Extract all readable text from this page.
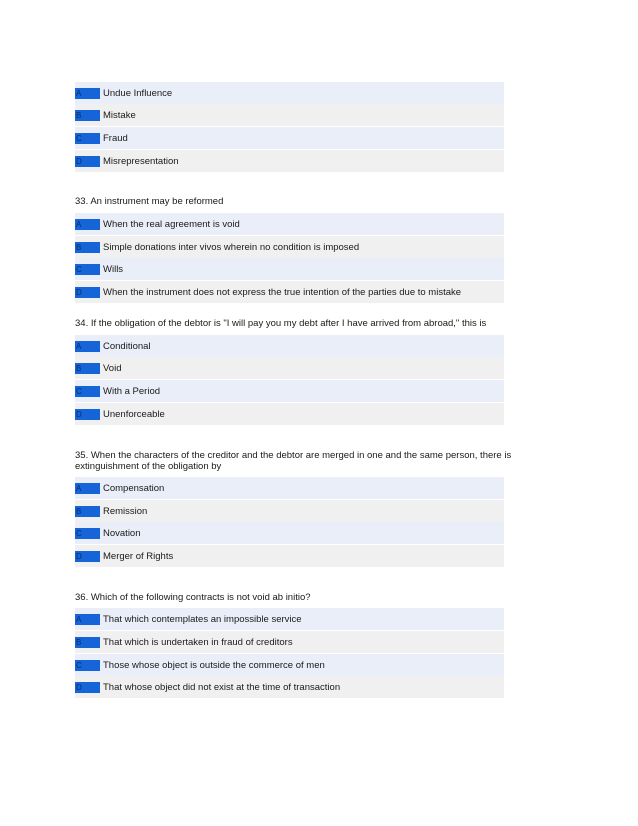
A	Undue Influence
B	Mistake
C	Fraud
D	Misrepresentation
33. An instrument may be reformed
A	When the real agreement is void
B	Simple donations inter vivos wherein no condition is imposed
C	Wills
D	When the instrument does not express the true intention of the parties due to mistake
34. If the obligation of the debtor is "I will pay you my debt after I have arrived from abroad," this is
A	Conditional
B	Void
C	With a Period
D	Unenforceable
35. When the characters of the creditor and the debtor are merged in one and the same person, there is
extinguishment of the obligation by
A	Compensation
B	Remission
C	Novation
D	Merger of Rights
36. Which of the following contracts is not void ab initio?
A	That which contemplates an impossible service
B	That which is undertaken in fraud of creditors
C	Those whose object is outside the commerce of men
D	That whose object did not exist at the time of transaction
